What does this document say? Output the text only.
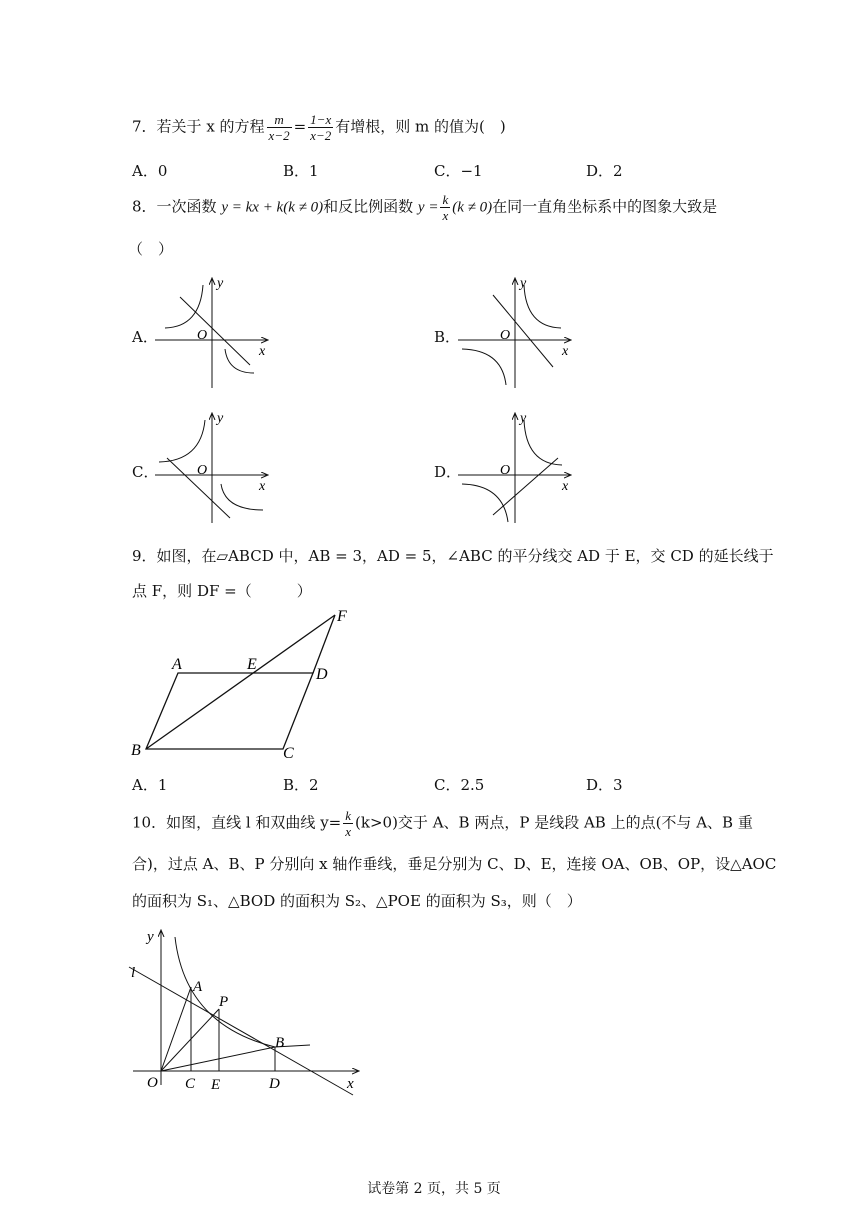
7．若关于 x 的方程 $\frac{m}{x-2} = \frac{1-x}{x-2}$ 有增根，则 m 的值为(　)
A．0	B．1	C．−1	D．2
8．一次函数 y = kx + k(k ≠ 0)和反比例函数 $y = \frac{k}{x} (k \ne 0)$在同一直角坐标系中的图象大致是
（　）
A．	B．
C．	D．
y
x
O
y
x
O
y
x
O
y
x
O
9．如图，在▱ABCD 中，AB = 3，AD = 5，∠ABC 的平分线交 AD 于 E，交 CD 的延长线于
点 F，则 DF =（　　　）
A	E
D
F
B	C
A．1	B．2	C．2.5	D．3
10．如图，直线 l 和双曲线 $y= \frac{k}{x} (k>0)$交于 A、B 两点，P 是线段 AB 上的点(不与 A、B 重
合)，过点 A、B、P 分别向 x 轴作垂线，垂足分别为 C、D、E，连接 OA、OB、OP，设△AOC
的面积为 S₁、△BOD 的面积为 S₂、△POE 的面积为 S₃，则（　）
y
l
A
P
B
O C E	D	x
试卷第 2 页，共 5 页
